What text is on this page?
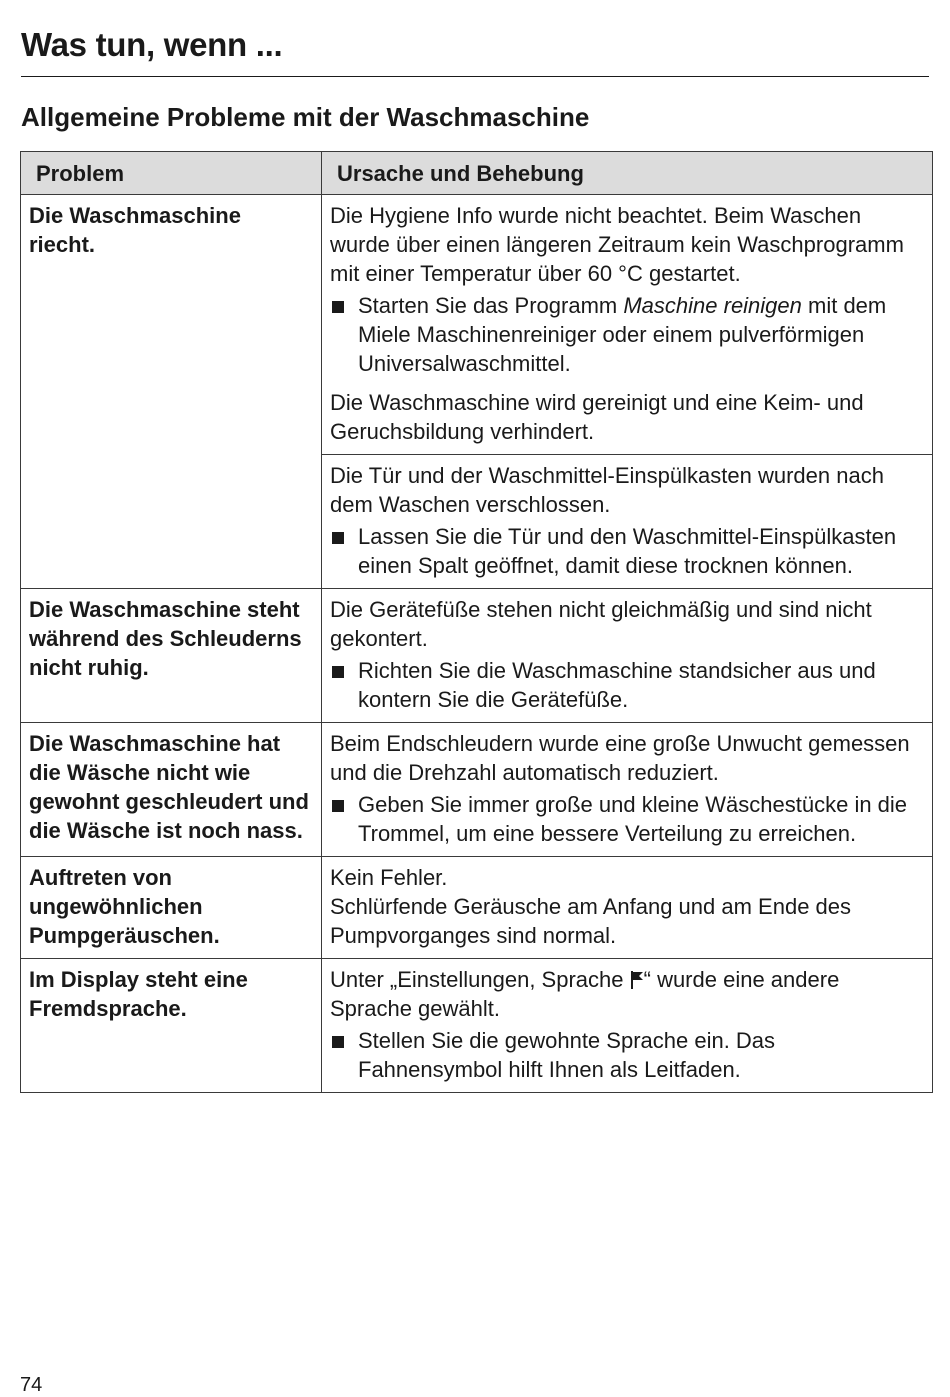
Was tun, wenn ...
Allgemeine Probleme mit der Waschmaschine
Problem	Ursache und Behebung
Die Waschmaschine riecht.	Die Hygiene Info wurde nicht beachtet. Beim Waschen wurde über einen längeren Zeitraum kein Waschprogramm mit einer Temperatur über 60 °C gestartet.

Starten Sie das Programm Maschine reinigen mit dem Miele Maschinenreiniger oder einem pulverförmigen Universalwaschmittel.

Die Waschmaschine wird gereinigt und eine Keim- und Geruchsbildung verhindert.

	Die Tür und der Waschmittel-Einspülkasten wurden nach dem Waschen verschlossen.

Lassen Sie die Tür und den Waschmittel-Einspülkasten einen Spalt geöffnet, damit diese trocknen können.

Die Waschmaschine steht während des Schleuderns nicht ruhig.	Die Gerätefüße stehen nicht gleichmäßig und sind nicht gekontert.

Richten Sie die Waschmaschine standsicher aus und kontern Sie die Gerätefüße.

Die Waschmaschine hat die Wäsche nicht wie gewohnt geschleudert und die Wäsche ist noch nass.	Beim Endschleudern wurde eine große Unwucht gemessen und die Drehzahl automatisch reduziert.

Geben Sie immer große und kleine Wäschestücke in die Trommel, um eine bessere Verteilung zu erreichen.

Auftreten von ungewöhnlichen Pumpgeräuschen.	Kein Fehler.
Schlürfende Geräusche am Anfang und am Ende des Pumpvorganges sind normal.

Im Display steht eine Fremdsprache.	Unter „Einstellungen, Sprache “ wurde eine andere Sprache gewählt.

Stellen Sie die gewohnte Sprache ein. Das Fahnensymbol hilft Ihnen als Leitfaden.
74
